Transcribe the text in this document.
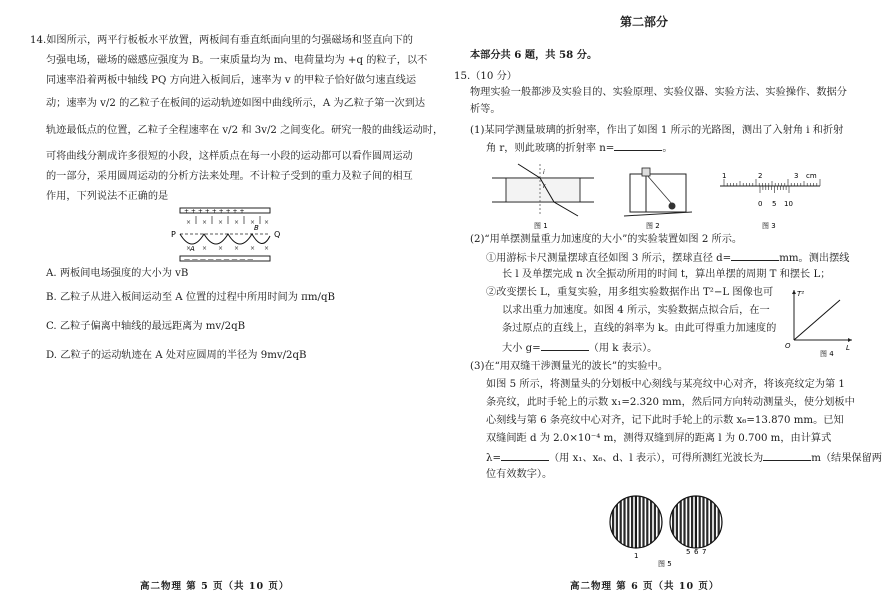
14.如图所示，两平行板板水平放置，两板间有垂直纸面向里的匀强磁场和竖直向下的
匀强电场，磁场的磁感应强度为 B。一束质量均为 m、电荷量均为 +q 的粒子，以不
同速率沿着两板中轴线 PQ 方向进入板间后，速率为 v 的甲粒子恰好做匀速直线运
动；速率为 v/2 的乙粒子在板间的运动轨迹如图中曲线所示，A 为乙粒子第一次到达
轨迹最低点的位置，乙粒子全程速率在 v/2 和 3v/2 之间变化。研究一般的曲线运动时，
可将曲线分割成许多很短的小段，这样质点在每一小段的运动都可以看作圆周运动
的一部分，采用圆周运动的分析方法来处理。不计粒子受到的重力及粒子间的相互
作用，下列说法不正确的是
+ + + + + + + + +
— — — — — — — — —
× × × × × ×
× × × × × ×
P	Q
A
B
A. 两板间电场强度的大小为 vB
B. 乙粒子从进入板间运动至 A 位置的过程中所用时间为 πm/qB
C. 乙粒子偏离中轴线的最远距离为 mv/2qB
D. 乙粒子的运动轨迹在 A 处对应圆周的半径为 9mv/2qB
高二物理 第 5 页（共 10 页）
第二部分
本部分共 6 题，共 58 分。
15.（10 分）
物理实验一般都涉及实验目的、实验原理、实验仪器、实验方法、实验操作、数据分
析等。
(1)某同学测量玻璃的折射率，作出了如图 1 所示的光路图，测出了入射角 i 和折射
角 r，则此玻璃的折射率 n=	。
i
r
图 1	图 2
1	2	3 cm
0 5 10
图 3
(2)“用单摆测量重力加速度的大小”的实验装置如图 2 所示。
①用游标卡尺测量摆球直径如图 3 所示，摆球直径 d=	mm。测出摆线
长 l 及单摆完成 n 次全振动所用的时间 t，算出单摆的周期 T 和摆长 L；
②改变摆长 L，重复实验，用多组实验数据作出 T²−L 图像也可
以求出重力加速度。如图 4 所示，实验数据点拟合后，在一
条过原点的直线上，直线的斜率为 k。由此可得重力加速度的
大小 g=	（用 k 表示）。
T²
L
O
图 4
(3)在“用双缝干涉测量光的波长”的实验中。
如图 5 所示，将测量头的分划板中心刻线与某亮纹中心对齐，将该亮纹定为第 1
条亮纹，此时手轮上的示数 x₁=2.320 mm，然后同方向转动测量头，使分划板中
心刻线与第 6 条亮纹中心对齐，记下此时手轮上的示数 x₆=13.870 mm。已知
双缝间距 d 为 2.0×10⁻⁴ m，测得双缝到屏的距离 l 为 0.700 m，由计算式
λ=	（用 x₁、x₆、d、l 表示），可得所测红光波长为	m（结果保留两
位有效数字）。
1	5 6 7
图 5
高二物理 第 6 页（共 10 页）
